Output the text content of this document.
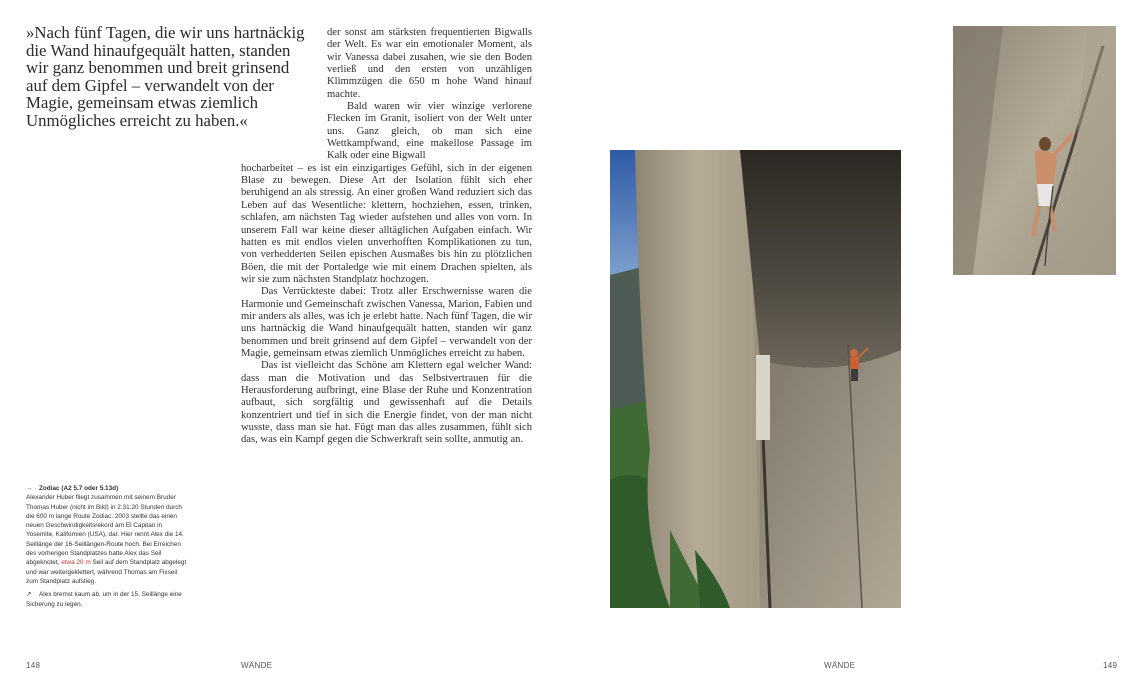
»Nach fünf Tagen, die wir uns hartnäckig die Wand hinaufgequält hatten, standen wir ganz benommen und breit grinsend auf dem Gipfel – verwandelt von der Magie, gemeinsam etwas ziemlich Unmögliches erreicht zu haben.«

der sonst am stärksten frequentierten Bigwalls der Welt. Es war ein emotionaler Moment, als wir Vanessa dabei zusahen, wie sie den Boden verließ und den ersten von unzähligen Klimmzügen die 650 m hohe Wand hinauf machte.

Bald waren wir vier winzige verlorene Flecken im Granit, isoliert von der Welt unter uns. Ganz gleich, ob man sich eine Wettkampfwand, eine makellose Passage im Kalk oder eine Bigwall

hocharbeitet – es ist ein einzigartiges Gefühl, sich in der eigenen Blase zu bewegen. Diese Art der Isolation fühlt sich eher beruhigend an als stressig. An einer großen Wand reduziert sich das Leben auf das Wesentliche: klettern, hochziehen, essen, trinken, schlafen, am nächsten Tag wieder aufstehen und alles von vorn. In unserem Fall war keine dieser alltäglichen Aufgaben einfach. Wir hatten es mit endlos vielen unverhofften Komplikationen zu tun, von verhedderten Seilen epischen Ausmaßes bis hin zu plötzlichen Böen, die mit der Portaledge wie mit einem Drachen spielten, als wir sie zum nächsten Standplatz hochzogen.

Das Verrückteste dabei: Trotz aller Erschwernisse waren die Harmonie und Gemeinschaft zwischen Vanessa, Marion, Fabien und mir anders als alles, was ich je erlebt hatte. Nach fünf Tagen, die wir uns hartnäckig die Wand hinaufgequält hatten, standen wir ganz benommen und breit grinsend auf dem Gipfel – verwandelt von der Magie, gemeinsam etwas ziemlich Unmögliches erreicht zu haben.

Das ist vielleicht das Schöne am Klettern egal welcher Wand: dass man die Motivation und das Selbstvertrauen für die Herausforderung aufbringt, eine Blase der Ruhe und Konzentration aufbaut, sich sorgfältig und gewissenhaft auf die Details konzentriert und tief in sich die Energie findet, von der man nicht wusste, dass man sie hat. Fügt man das alles zusammen, fühlt sich das, was ein Kampf gegen die Schwerkraft sein sollte, anmutig an.

→ Zodiac (A2 5.7 oder 5.13d)
Alexander Huber fliegt zusammen mit seinem Bruder Thomas Huber (nicht im Bild) in 2:31:20 Stunden durch die 600 m lange Route Zodiac. 2003 stellte das einen neuen Geschwindigkeitsrekord am El Capitan in Yosemite, Kalifornien (USA), dar. Hier rennt Alex die 14. Seillänge der 16-Seillängen-Route hoch. Bei Erreichen des vorherigen Standplatzes hatte Alex das Seil abgeknotet, etwa 20 m Seil auf dem Standplatz abgelegt und war weitergeklettert, während Thomas am Fixseil zum Standplatz aufstieg.
↗ Alex bremst kaum ab, um in der 15. Seillänge eine Sicherung zu legen.
148	WÄNDE	WÄNDE	149
